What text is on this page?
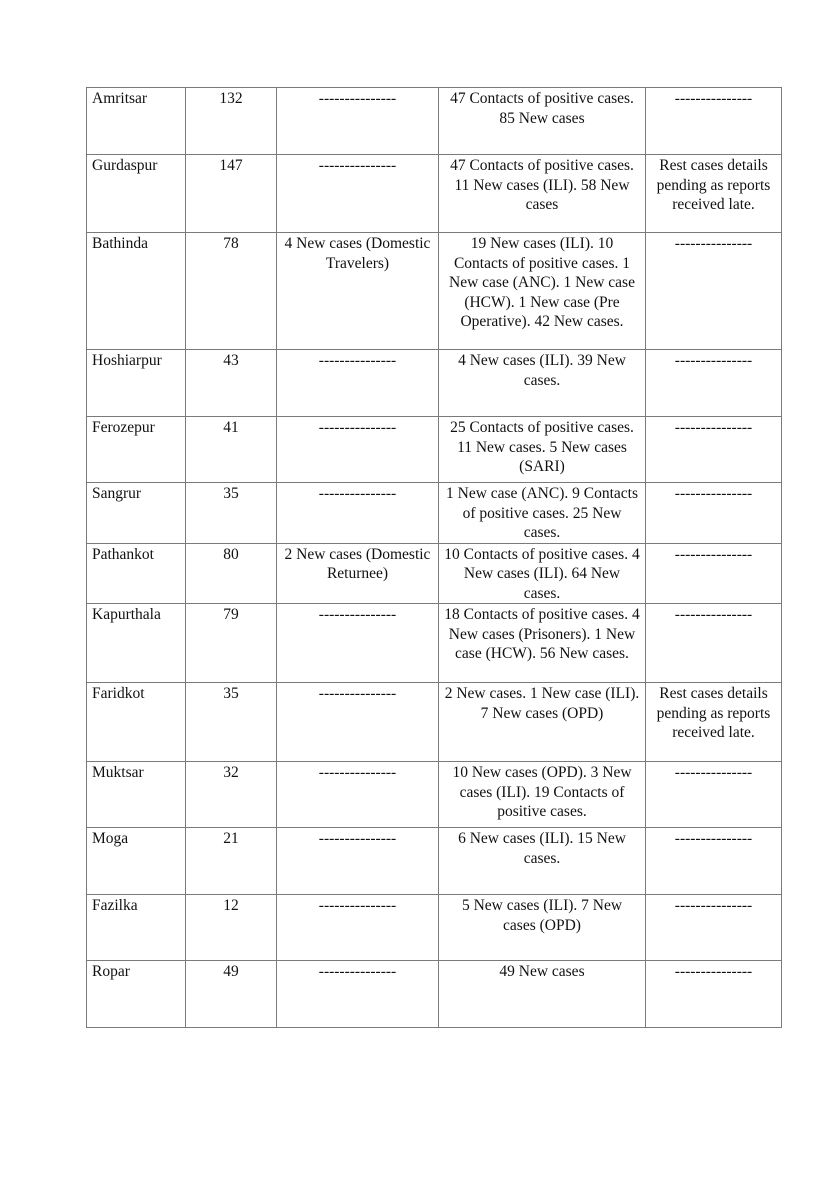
Amritsar	132	---------------	47 Contacts of positive cases. 85 New cases	---------------
Gurdaspur	147	---------------	47 Contacts of positive cases. 11 New cases (ILI). 58 New cases	Rest cases details pending as reports received late.
Bathinda	78	4 New cases (Domestic Travelers)	19 New cases (ILI). 10 Contacts of positive cases. 1 New case (ANC). 1 New case (HCW). 1 New case (Pre Operative). 42 New cases.	---------------
Hoshiarpur	43	---------------	4 New cases (ILI). 39 New cases.	---------------
Ferozepur	41	---------------	25 Contacts of positive cases. 11 New cases. 5 New cases (SARI)	---------------
Sangrur	35	---------------	1 New case (ANC). 9 Contacts of positive cases. 25 New cases.	---------------
Pathankot	80	2 New cases (Domestic Returnee)	10 Contacts of positive cases. 4 New cases (ILI). 64 New cases.	---------------
Kapurthala	79	---------------	18 Contacts of positive cases. 4 New cases (Prisoners). 1 New case (HCW). 56 New cases.	---------------
Faridkot	35	---------------	2 New cases. 1 New case (ILI). 7 New cases (OPD)	Rest cases details pending as reports received late.
Muktsar	32	---------------	10 New cases (OPD). 3 New cases (ILI). 19 Contacts of positive cases.	---------------
Moga	21	---------------	6 New cases (ILI). 15 New cases.	---------------
Fazilka	12	---------------	5 New cases (ILI). 7 New cases (OPD)	---------------
Ropar	49	---------------	49 New cases	---------------
